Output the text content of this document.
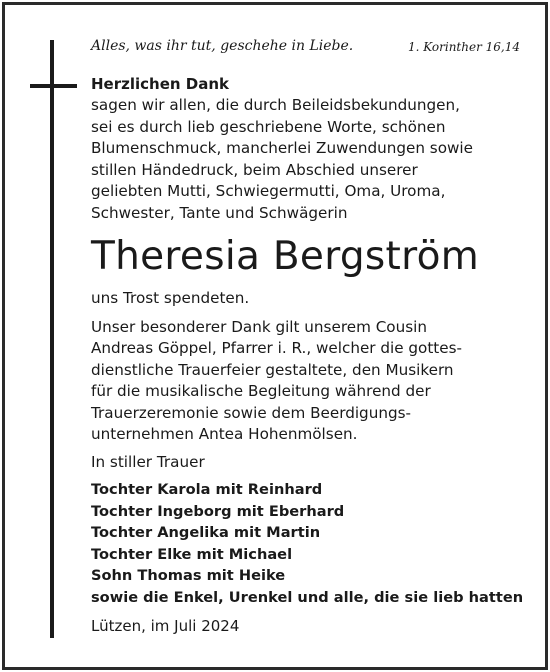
Alles, was ihr tut, geschehe in Liebe.	1. Korinther 16,14
Herzlichen Dank
sagen wir allen, die durch Beileidsbekundungen,
sei es durch lieb geschriebene Worte, schönen
Blumenschmuck, mancherlei Zuwendungen sowie
stillen Händedruck, beim Abschied unserer
geliebten Mutti, Schwiegermutti, Oma, Uroma,
Schwester, Tante und Schwägerin
Theresia Bergström
uns Trost spendeten.
Unser besonderer Dank gilt unserem Cousin
Andreas Göppel, Pfarrer i. R., welcher die gottes-
dienstliche Trauerfeier gestaltete, den Musikern
für die musikalische Begleitung während der
Trauerzeremonie sowie dem Beerdigungs-
unternehmen Antea Hohenmölsen.
In stiller Trauer
Tochter Karola mit Reinhard
Tochter Ingeborg mit Eberhard
Tochter Angelika mit Martin
Tochter Elke mit Michael
Sohn Thomas mit Heike
sowie die Enkel, Urenkel und alle, die sie lieb hatten
Lützen, im Juli 2024
